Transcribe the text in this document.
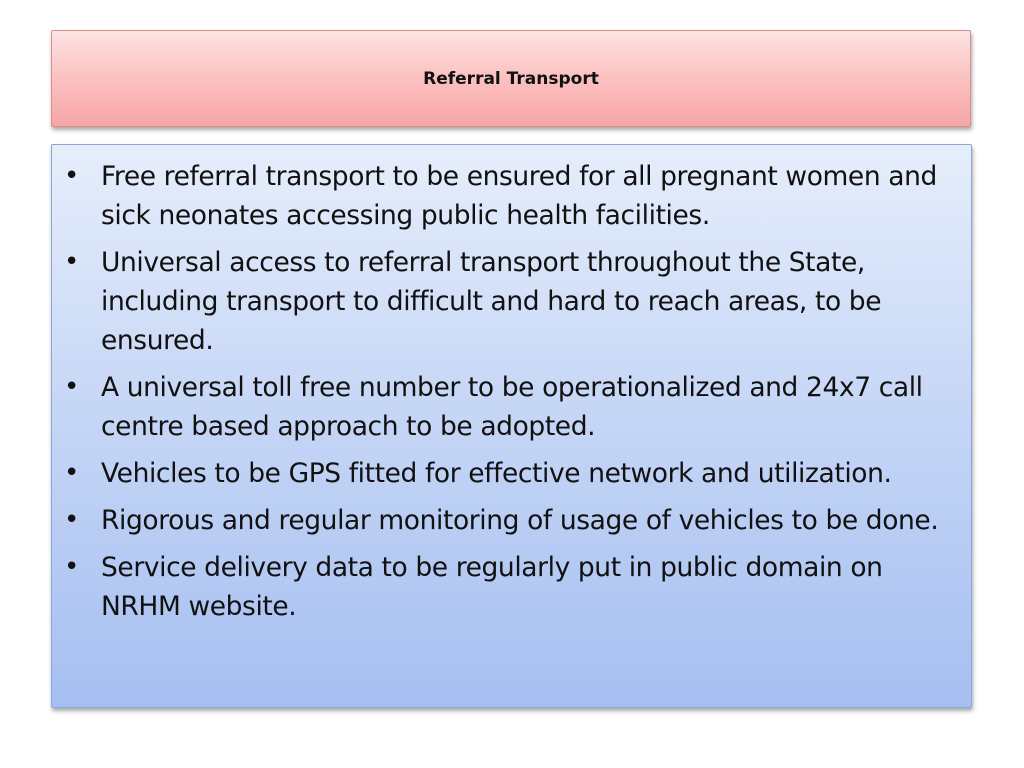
Referral Transport
• Free referral transport to be ensured for all pregnant women and sick neonates accessing public health facilities.
• Universal access to referral transport throughout the State, including transport to difficult and hard to reach areas, to be ensured.
• A universal toll free number to be operationalized and 24x7 call centre based approach to be adopted.
• Vehicles to be GPS fitted for effective network and utilization.
• Rigorous and regular monitoring of usage of vehicles to be done.
• Service delivery data to be regularly put in public domain on NRHM website.
